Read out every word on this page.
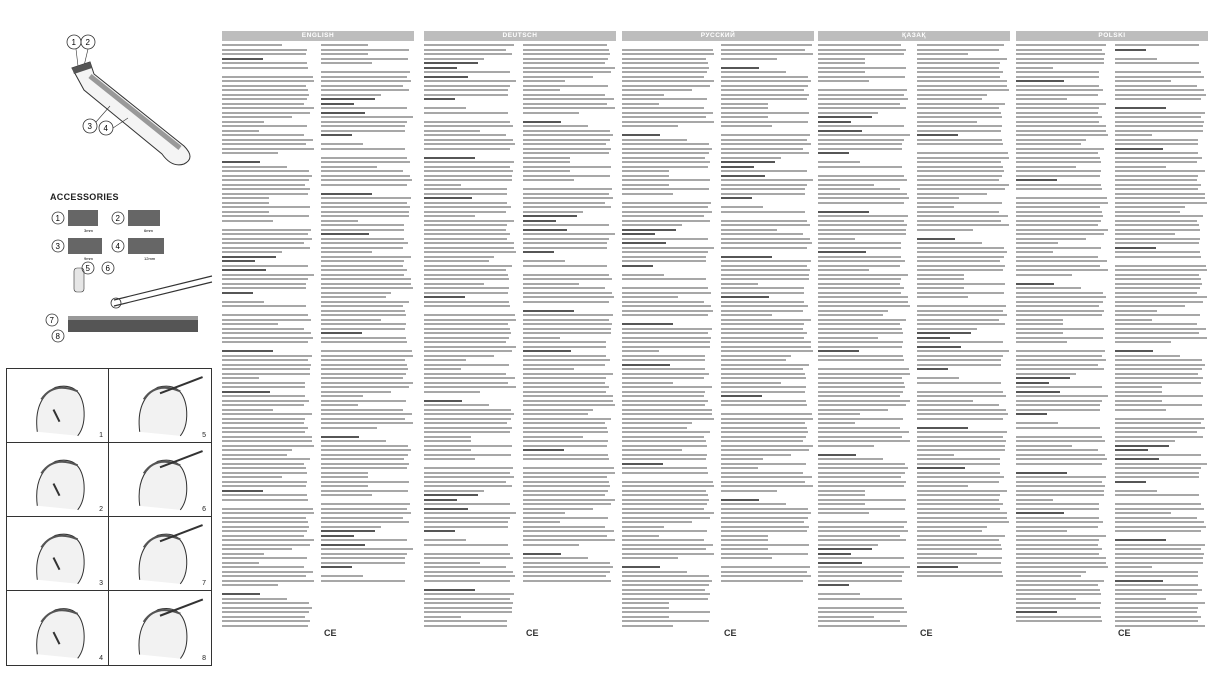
1 2
3 4
ACCESSORIES
1
3mm
2
6mm
3
9mm
4
12mm
5 6
7
8
1	5
2	6
3	7
4	8
ENGLISH
CE
DEUTSCH
CE
РУССКИЙ
CE
ҚАЗАҚ
CE
POLSKI
CE
